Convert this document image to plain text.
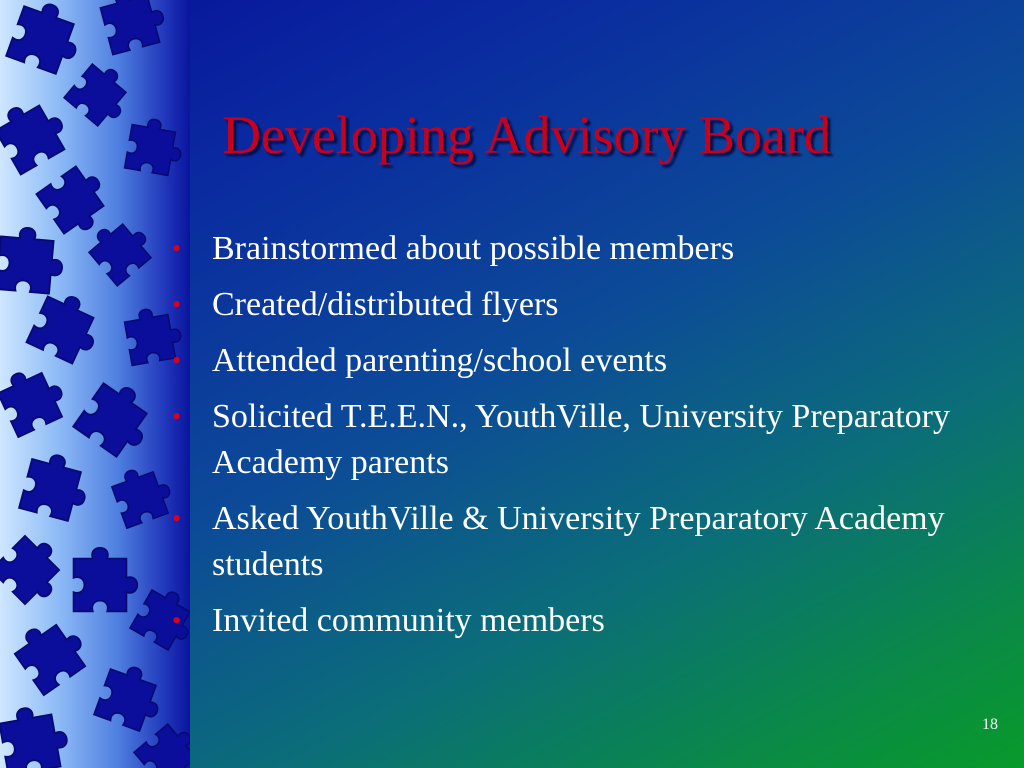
Developing Advisory Board
• Brainstormed about possible members
• Created/distributed flyers
• Attended parenting/school events
• Solicited T.E.E.N., YouthVille, University Preparatory Academy parents
• Asked YouthVille & University Preparatory Academy students
• Invited community members
18
